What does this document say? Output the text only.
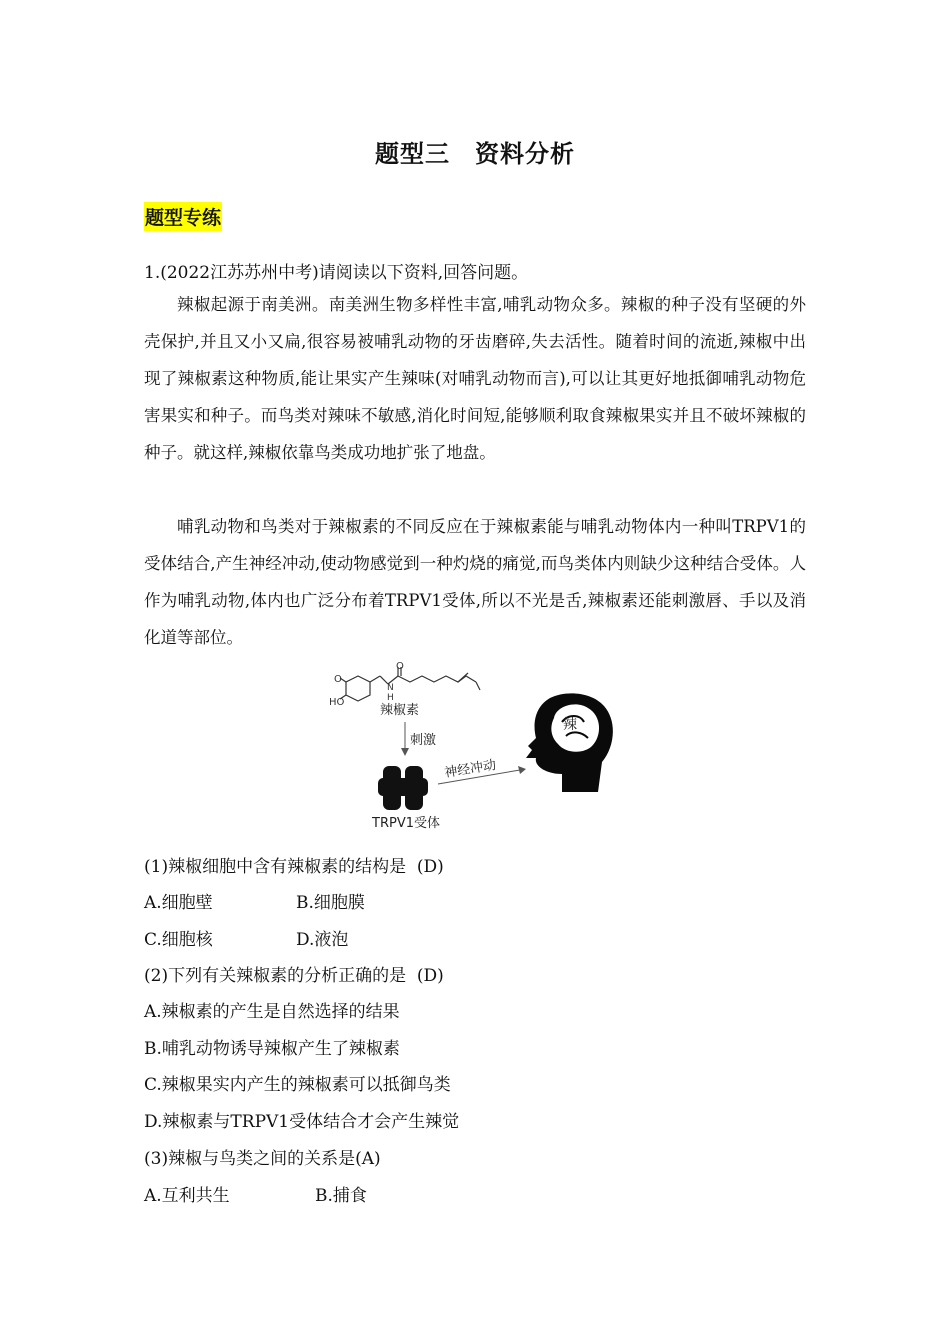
题型三　资料分析
题型专练
1.(2022江苏苏州中考)请阅读以下资料,回答问题。
辣椒起源于南美洲。南美洲生物多样性丰富,哺乳动物众多。辣椒的种子没有坚硬的外壳保护,并且又小又扁,很容易被哺乳动物的牙齿磨碎,失去活性。随着时间的流逝,辣椒中出现了辣椒素这种物质,能让果实产生辣味(对哺乳动物而言),可以让其更好地抵御哺乳动物危害果实和种子。而鸟类对辣味不敏感,消化时间短,能够顺利取食辣椒果实并且不破坏辣椒的种子。就这样,辣椒依靠鸟类成功地扩张了地盘。
哺乳动物和鸟类对于辣椒素的不同反应在于辣椒素能与哺乳动物体内一种叫TRPV1的受体结合,产生神经冲动,使动物感觉到一种灼烧的痛觉,而鸟类体内则缺少这种结合受体。人作为哺乳动物,体内也广泛分布着TRPV1受体,所以不光是舌,辣椒素还能刺激唇、手以及消化道等部位。
O
HO
O
N
H
辣椒素
刺激
TRPV1受体
神经冲动
辣
(1)辣椒细胞中含有辣椒素的结构是 (D)
A.细胞壁	B.细胞膜
C.细胞核	D.液泡
(2)下列有关辣椒素的分析正确的是 (D)
A.辣椒素的产生是自然选择的结果
B.哺乳动物诱导辣椒产生了辣椒素
C.辣椒果实内产生的辣椒素可以抵御鸟类
D.辣椒素与TRPV1受体结合才会产生辣觉
(3)辣椒与鸟类之间的关系是(A)
A.互利共生	B.捕食
